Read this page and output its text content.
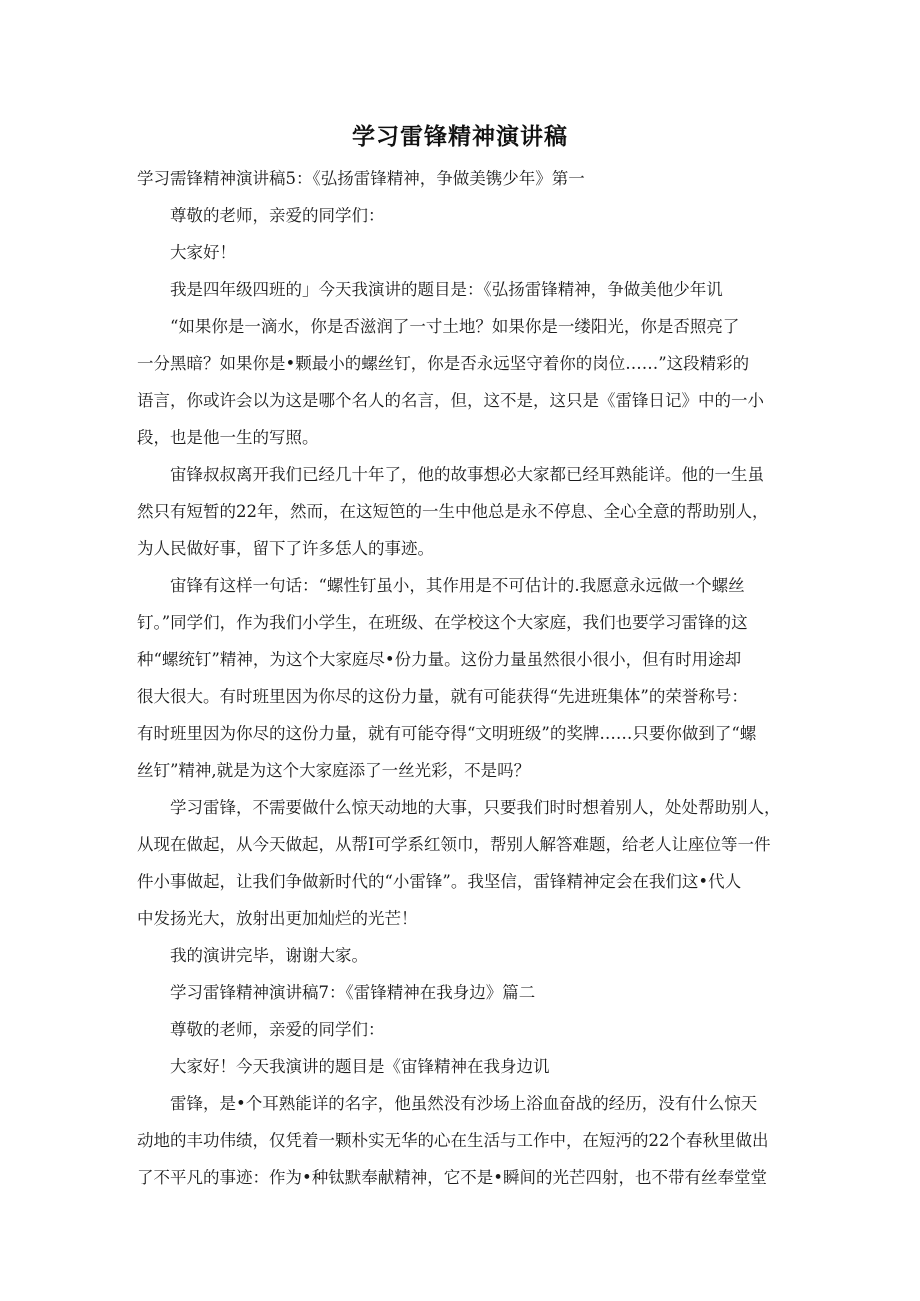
学习雷锋精神演讲稿
学习需锋精神演讲稿5：《弘扬雷锋精神，争做美镌少年》第一
尊敬的老师，亲爱的同学们：
大家好！
我是四年级四班的」今天我演讲的题目是：《弘扬雷锋精神，争做美他少年讥
“如果你是一滴水，你是否滋润了一寸土地？如果你是一缕阳光，你是否照亮了
一分黑暗？如果你是•颗最小的螺丝钉，你是否永远坚守着你的岗位……”这段精彩的
语言，你或许会以为这是哪个名人的名言，但，这不是，这只是《雷锋日记》中的一小
段，也是他一生的写照。
宙锋叔叔离开我们已经几十年了，他的故事想必大家都已经耳熟能详。他的一生虽
然只有短暂的22年，然而，在这短笆的一生中他总是永不停息、全心全意的帮助别人，
为人民做好事，留下了许多恁人的事迹。
宙锋有这样一句话：“螺性钉虽小，其作用是不可估计的.我愿意永远做一个螺丝
钉。”同学们，作为我们小学生，在班级、在学校这个大家庭，我们也要学习雷锋的这
种“螺统钉”精神，为这个大家庭尽•份力量。这份力量虽然很小很小，但有时用途却
很大很大。有时班里因为你尽的这份力量，就有可能获得“先进班集体”的荣誉称号：
有时班里因为你尽的这份力量，就有可能夺得“文明班级”的奖牌……只要你做到了“螺
丝钉”精神,就是为这个大家庭添了一丝光彩，不是吗？
学习雷锋，不需要做什么惊天动地的大事，只要我们时时想着别人，处处帮助别人，
从现在做起，从今天做起，从帮I可学系红领巾，帮别人解答难题，给老人让座位等一件
件小事做起，让我们争做新时代的“小雷锋”。我坚信，雷锋精神定会在我们这•代人
中发扬光大，放射出更加灿烂的光芒！
我的演讲完毕，谢谢大家。
学习雷锋精神演讲稿7：《雷锋精神在我身边》篇二
尊敬的老师，亲爱的同学们：
大家好！今天我演讲的题目是《宙锋精神在我身边讥
雷锋，是•个耳熟能详的名字，他虽然没有沙场上浴血奋战的经历，没有什么惊天
动地的丰功伟绩，仅凭着一颗朴实无华的心在生活与工作中，在短沔的22个春秋里做出
了不平凡的事迹：作为•种钛默奉献精神，它不是•瞬间的光芒四射，也不带有丝奉堂堂
